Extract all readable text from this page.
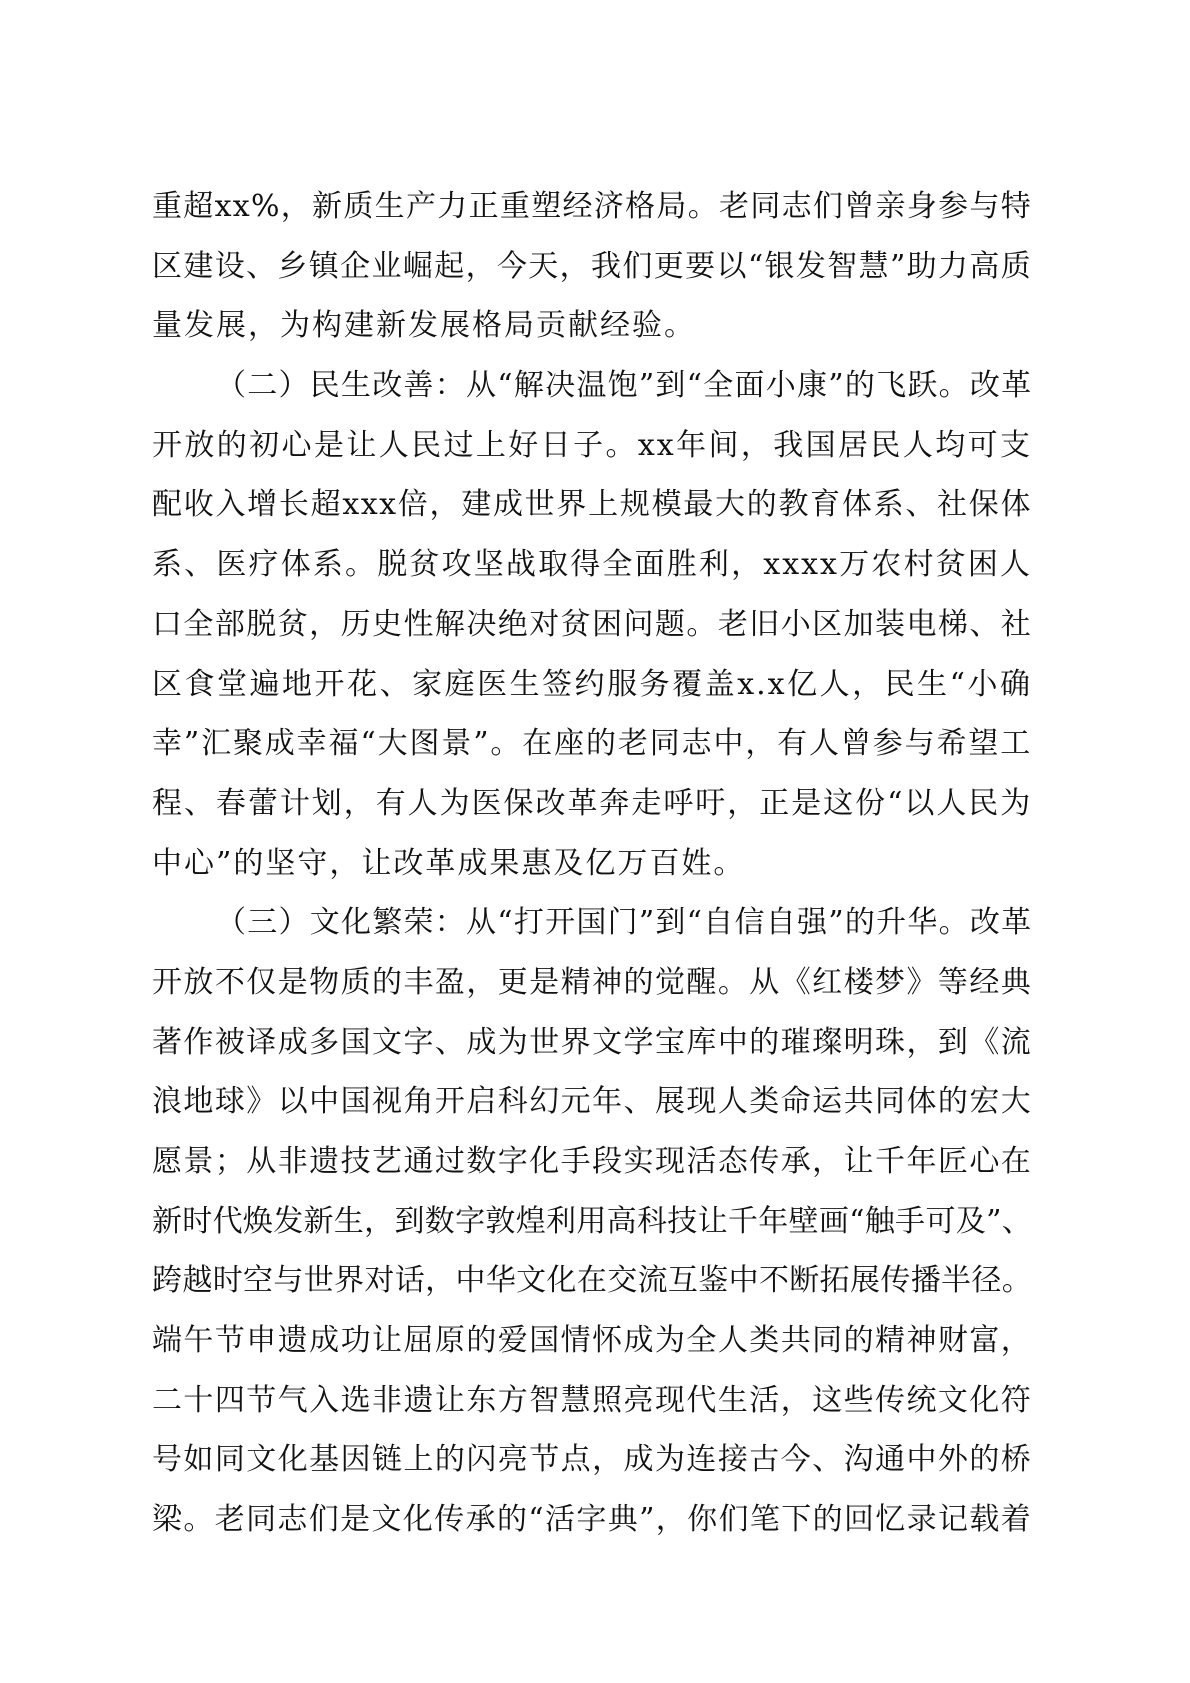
重超xx%，新质生产力正重塑经济格局。老同志们曾亲身参与特
区建设、乡镇企业崛起，今天，我们更要以“银发智慧”助力高质
量发展，为构建新发展格局贡献经验。
（二）民生改善：从“解决温饱”到“全面小康”的飞跃。改革
开放的初心是让人民过上好日子。xx年间，我国居民人均可支
配收入增长超xxx倍，建成世界上规模最大的教育体系、社保体
系、医疗体系。脱贫攻坚战取得全面胜利，xxxx万农村贫困人
口全部脱贫，历史性解决绝对贫困问题。老旧小区加装电梯、社
区食堂遍地开花、家庭医生签约服务覆盖x.x亿人，民生“小确
幸”汇聚成幸福“大图景”。在座的老同志中，有人曾参与希望工
程、春蕾计划，有人为医保改革奔走呼吁，正是这份“以人民为
中心”的坚守，让改革成果惠及亿万百姓。
（三）文化繁荣：从“打开国门”到“自信自强”的升华。改革
开放不仅是物质的丰盈，更是精神的觉醒。从《红楼梦》等经典
著作被译成多国文字、成为世界文学宝库中的璀璨明珠，到《流
浪地球》以中国视角开启科幻元年、展现人类命运共同体的宏大
愿景；从非遗技艺通过数字化手段实现活态传承，让千年匠心在
新时代焕发新生，到数字敦煌利用高科技让千年壁画“触手可及”、
跨越时空与世界对话，中华文化在交流互鉴中不断拓展传播半径。
端午节申遗成功让屈原的爱国情怀成为全人类共同的精神财富，
二十四节气入选非遗让东方智慧照亮现代生活，这些传统文化符
号如同文化基因链上的闪亮节点，成为连接古今、沟通中外的桥
梁。老同志们是文化传承的“活字典”，你们笔下的回忆录记载着
